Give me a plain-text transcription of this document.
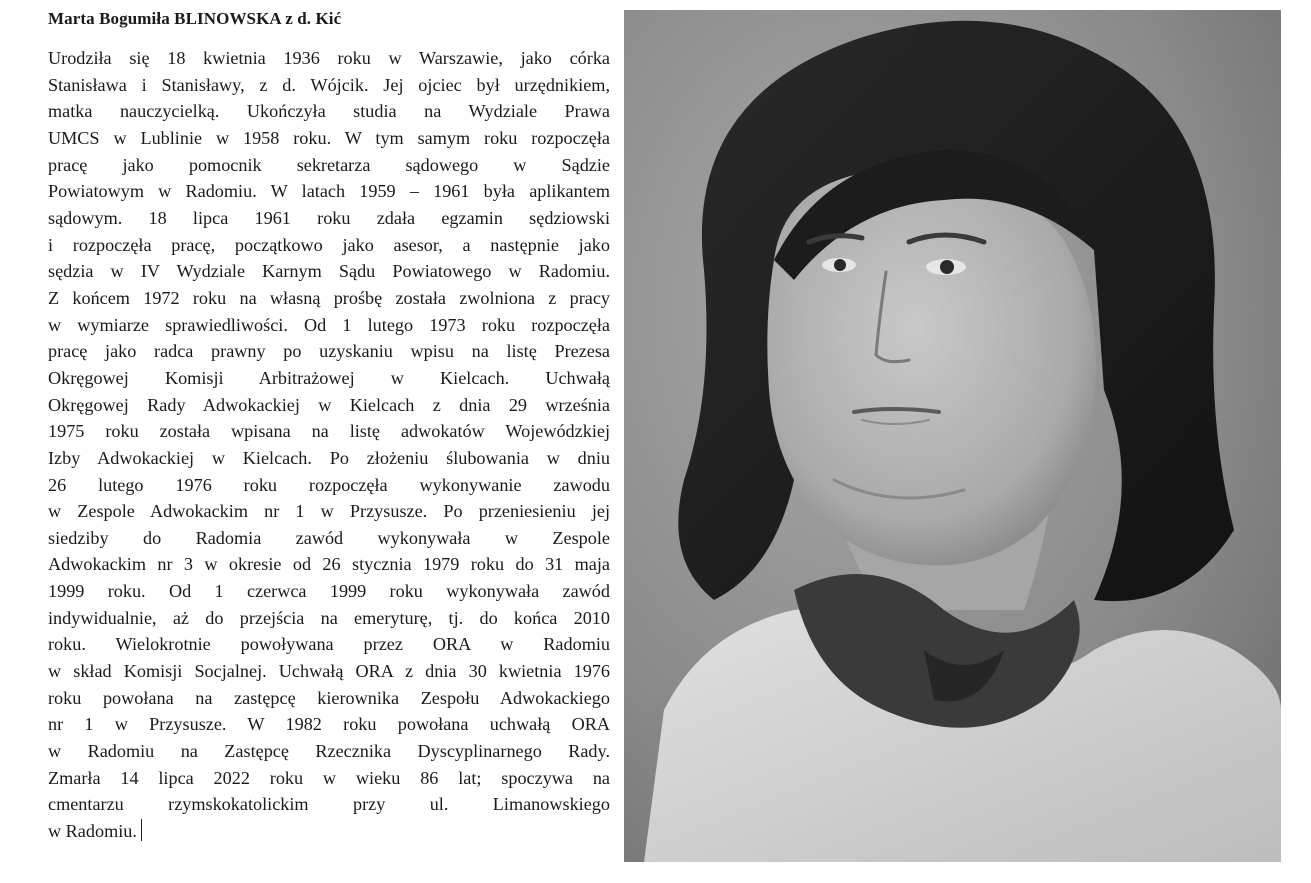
Marta Bogumiła BLINOWSKA z d. Kić
Urodziła się 18 kwietnia 1936 roku w Warszawie, jako córka
Stanisława i Stanisławy, z d. Wójcik. Jej ojciec był urzędnikiem,
matka nauczycielką. Ukończyła studia na Wydziale Prawa
UMCS w Lublinie w 1958 roku. W tym samym roku rozpoczęła
pracę jako pomocnik sekretarza sądowego w Sądzie
Powiatowym w Radomiu. W latach 1959 – 1961 była aplikantem
sądowym. 18 lipca 1961 roku zdała egzamin sędziowski
i rozpoczęła pracę, początkowo jako asesor, a następnie jako
sędzia w IV Wydziale Karnym Sądu Powiatowego w Radomiu.
Z końcem 1972 roku na własną prośbę została zwolniona z pracy
w wymiarze sprawiedliwości. Od 1 lutego 1973 roku rozpoczęła
pracę jako radca prawny po uzyskaniu wpisu na listę Prezesa
Okręgowej Komisji Arbitrażowej w Kielcach. Uchwałą
Okręgowej Rady Adwokackiej w Kielcach z dnia 29 września
1975 roku została wpisana na listę adwokatów Wojewódzkiej
Izby Adwokackiej w Kielcach. Po złożeniu ślubowania w dniu
26 lutego 1976 roku rozpoczęła wykonywanie zawodu
w Zespole Adwokackim nr 1 w Przysusze. Po przeniesieniu jej
siedziby do Radomia zawód wykonywała w Zespole
Adwokackim nr 3 w okresie od 26 stycznia 1979 roku do 31 maja
1999 roku. Od 1 czerwca 1999 roku wykonywała zawód
indywidualnie, aż do przejścia na emeryturę, tj. do końca 2010
roku. Wielokrotnie powoływana przez ORA w Radomiu
w skład Komisji Socjalnej. Uchwałą ORA z dnia 30 kwietnia 1976
roku powołana na zastępcę kierownika Zespołu Adwokackiego
nr 1 w Przysusze. W 1982 roku powołana uchwałą ORA
w Radomiu na Zastępcę Rzecznika Dyscyplinarnego Rady.
Zmarła 14 lipca 2022 roku w wieku 86 lat; spoczywa na
cmentarzu rzymskokatolickim przy ul. Limanowskiego
w Radomiu.
